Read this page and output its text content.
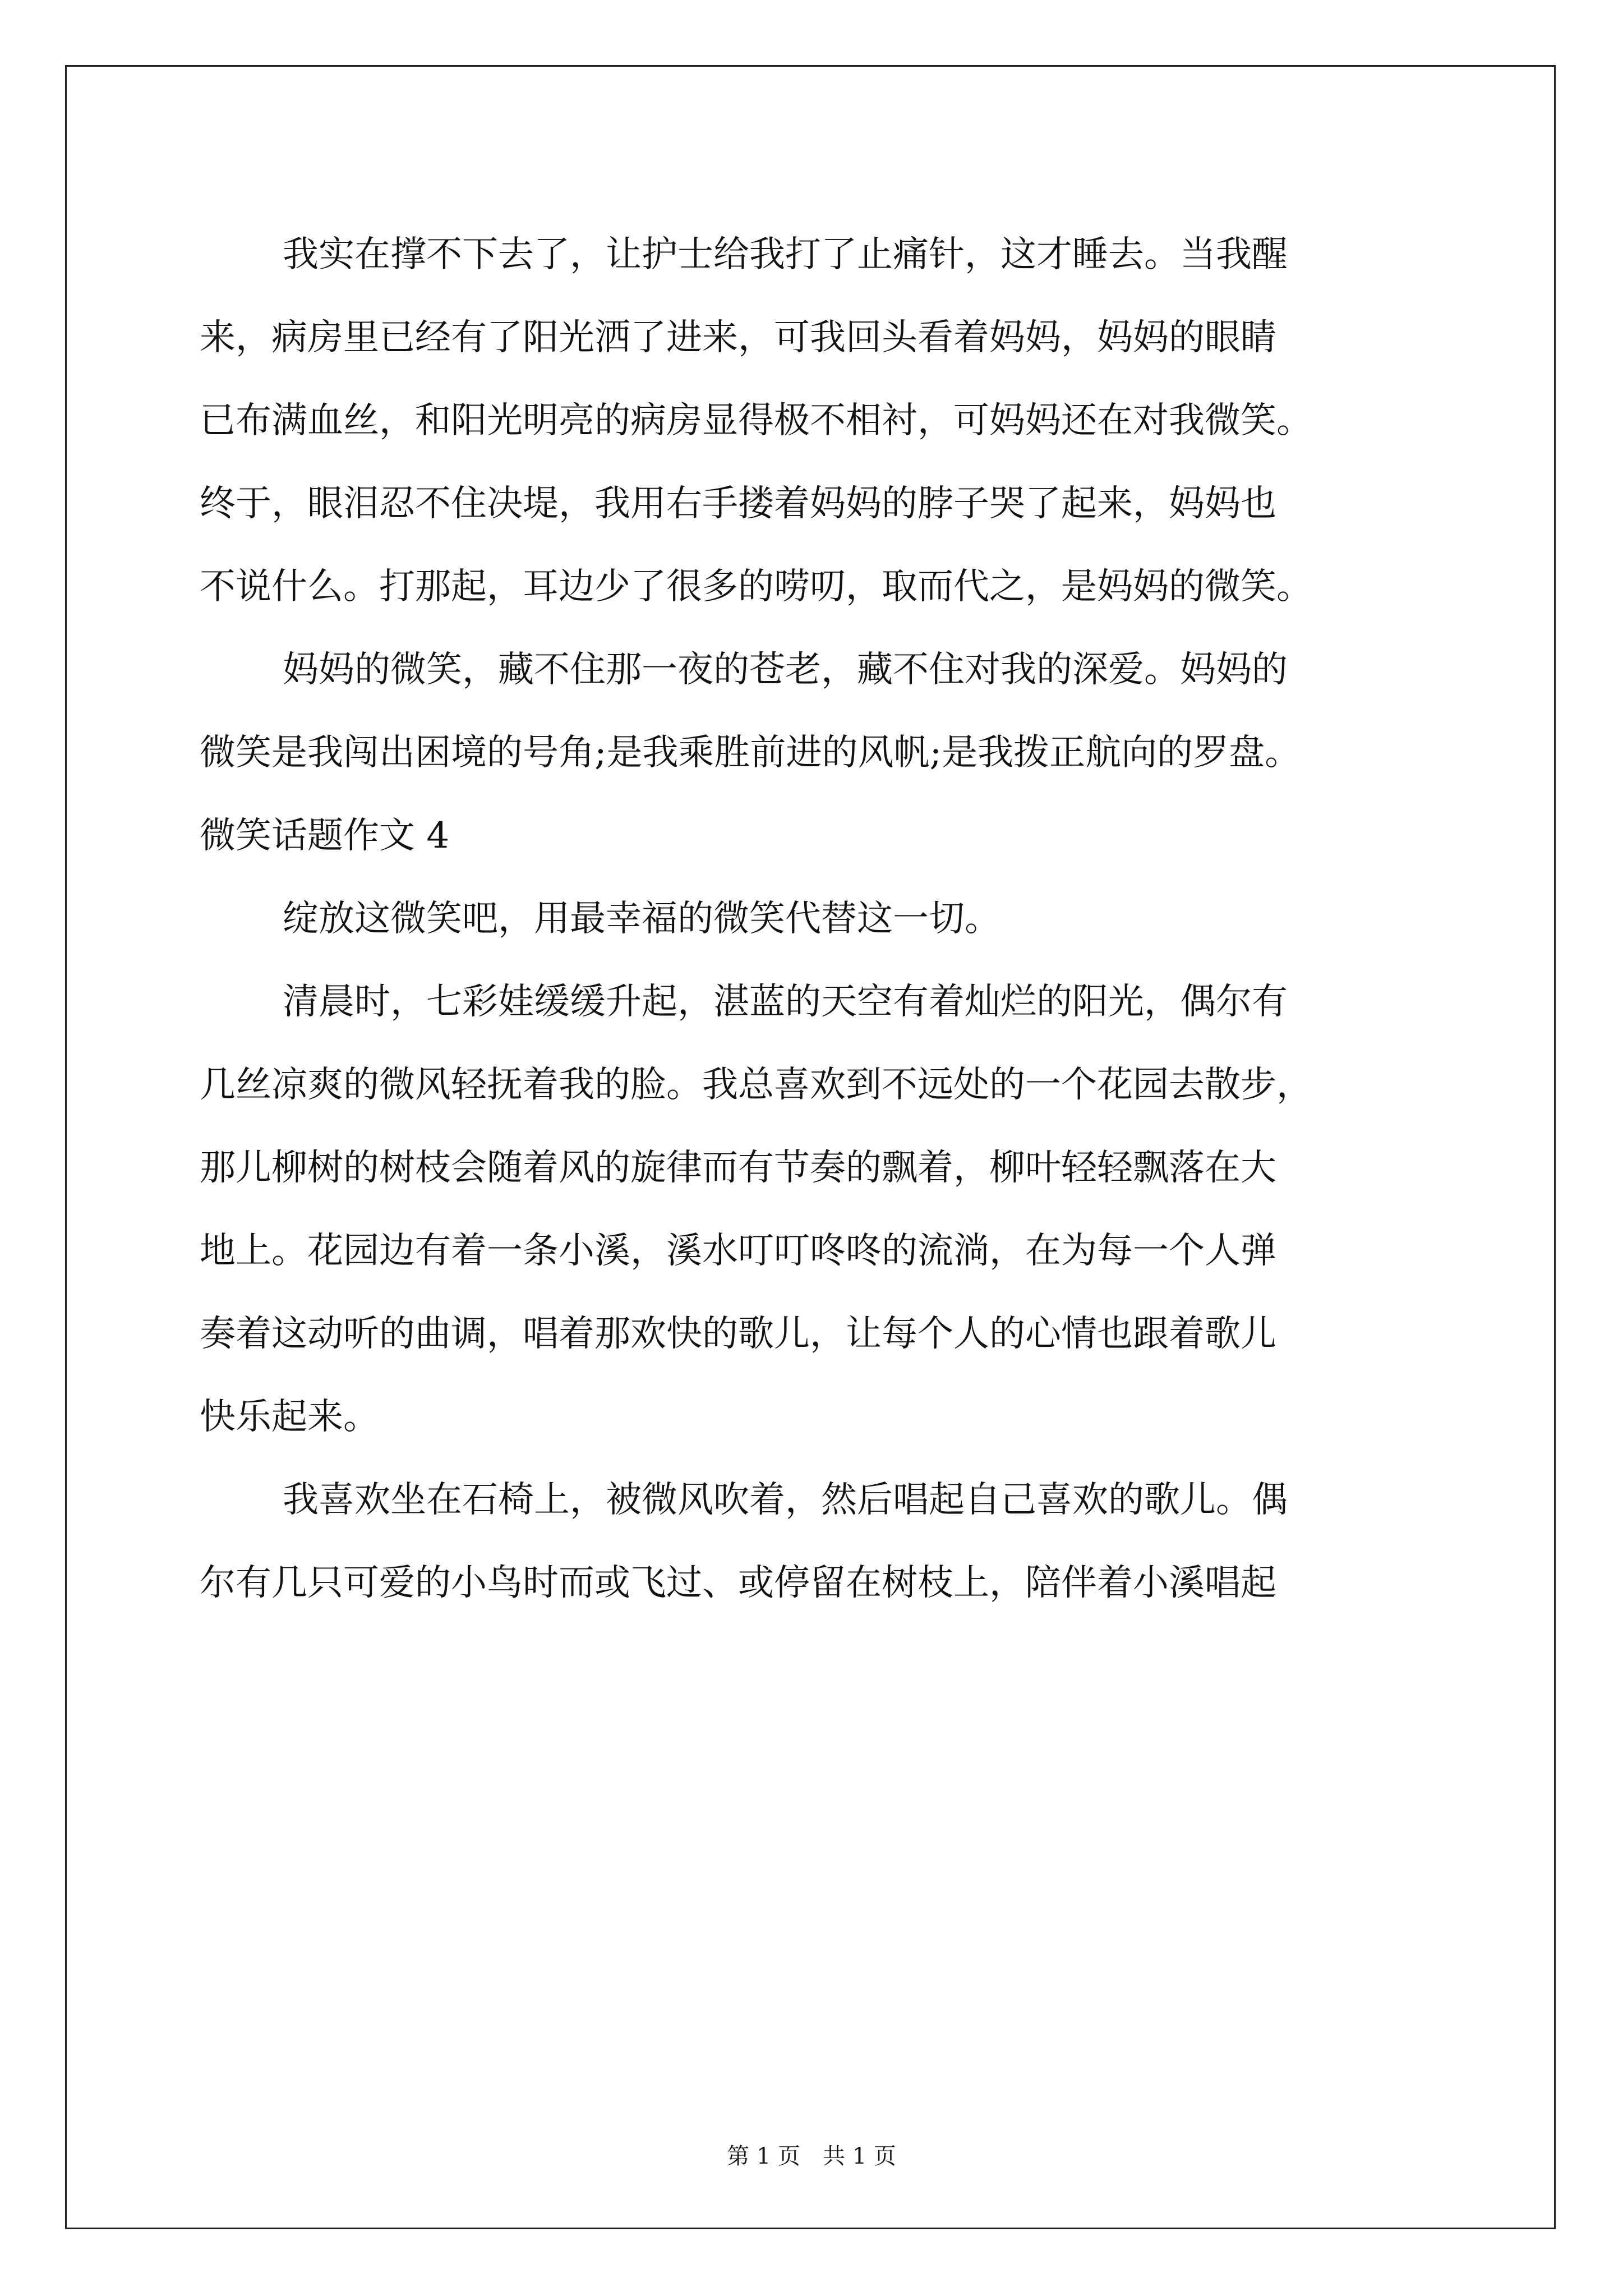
我实在撑不下去了，让护士给我打了止痛针，这才睡去。当我醒
来，病房里已经有了阳光洒了进来，可我回头看着妈妈，妈妈的眼睛
已布满血丝，和阳光明亮的病房显得极不相衬，可妈妈还在对我微笑。
终于，眼泪忍不住决堤，我用右手搂着妈妈的脖子哭了起来，妈妈也
不说什么。打那起，耳边少了很多的唠叨，取而代之，是妈妈的微笑。
妈妈的微笑，藏不住那一夜的苍老，藏不住对我的深爱。妈妈的
微笑是我闯出困境的号角;是我乘胜前进的风帆;是我拨正航向的罗盘。
微笑话题作文 4
绽放这微笑吧，用最幸福的微笑代替这一切。
清晨时，七彩娃缓缓升起，湛蓝的天空有着灿烂的阳光，偶尔有
几丝凉爽的微风轻抚着我的脸。我总喜欢到不远处的一个花园去散步，
那儿柳树的树枝会随着风的旋律而有节奏的飘着，柳叶轻轻飘落在大
地上。花园边有着一条小溪，溪水叮叮咚咚的流淌，在为每一个人弹
奏着这动听的曲调，唱着那欢快的歌儿，让每个人的心情也跟着歌儿
快乐起来。
我喜欢坐在石椅上，被微风吹着，然后唱起自己喜欢的歌儿。偶
尔有几只可爱的小鸟时而或飞过、或停留在树枝上，陪伴着小溪唱起
第 1 页　共 1 页
